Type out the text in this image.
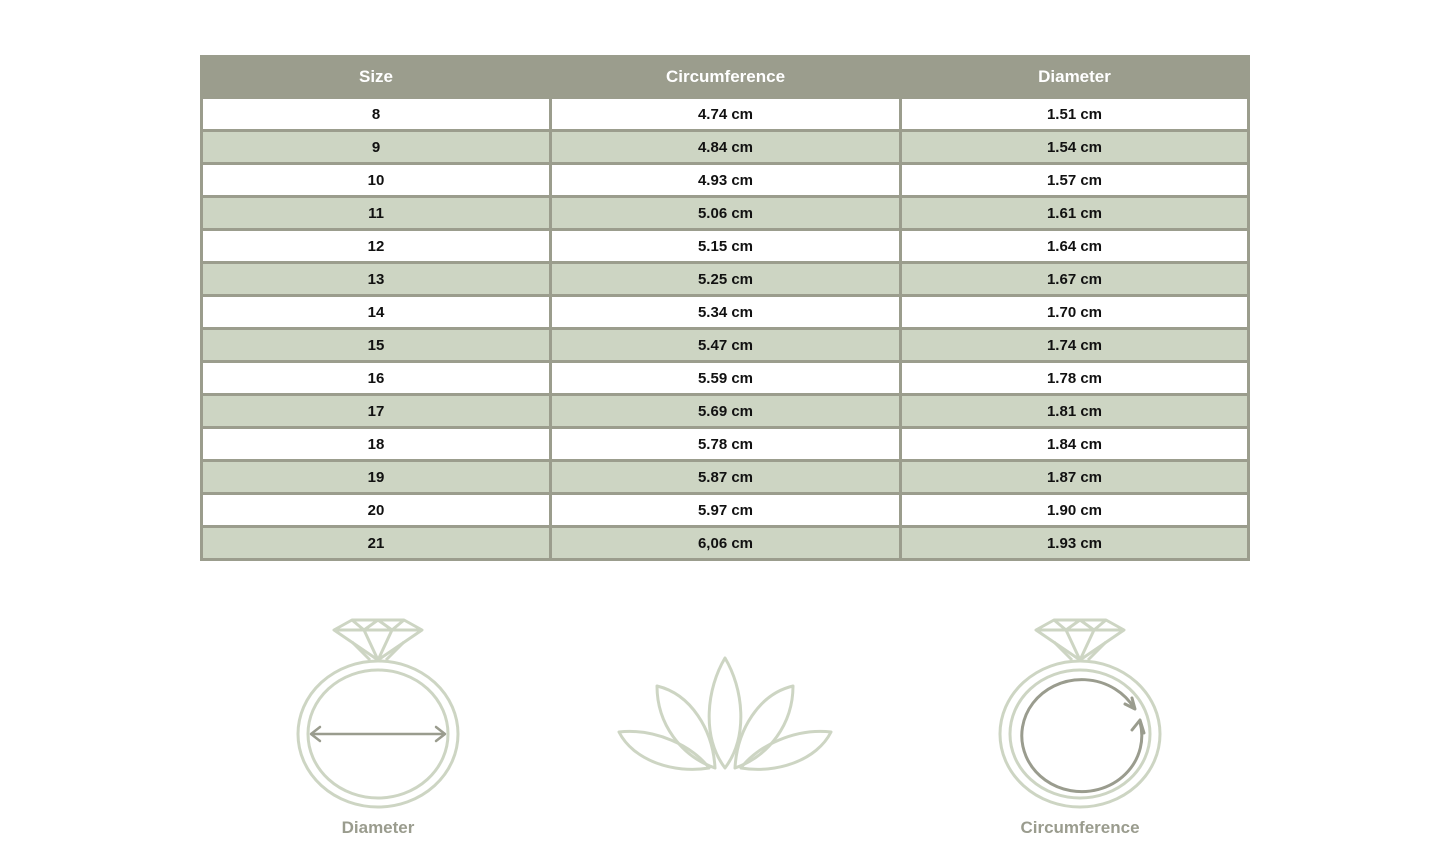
Size	Circumference	Diameter
8	4.74 cm	1.51 cm
9	4.84 cm	1.54 cm
10	4.93 cm	1.57 cm
11	5.06 cm	1.61 cm
12	5.15 cm	1.64 cm
13	5.25 cm	1.67 cm
14	5.34 cm	1.70 cm
15	5.47 cm	1.74 cm
16	5.59 cm	1.78 cm
17	5.69 cm	1.81 cm
18	5.78 cm	1.84 cm
19	5.87 cm	1.87 cm
20	5.97 cm	1.90 cm
21	6,06 cm	1.93 cm
Diameter	Circumference
